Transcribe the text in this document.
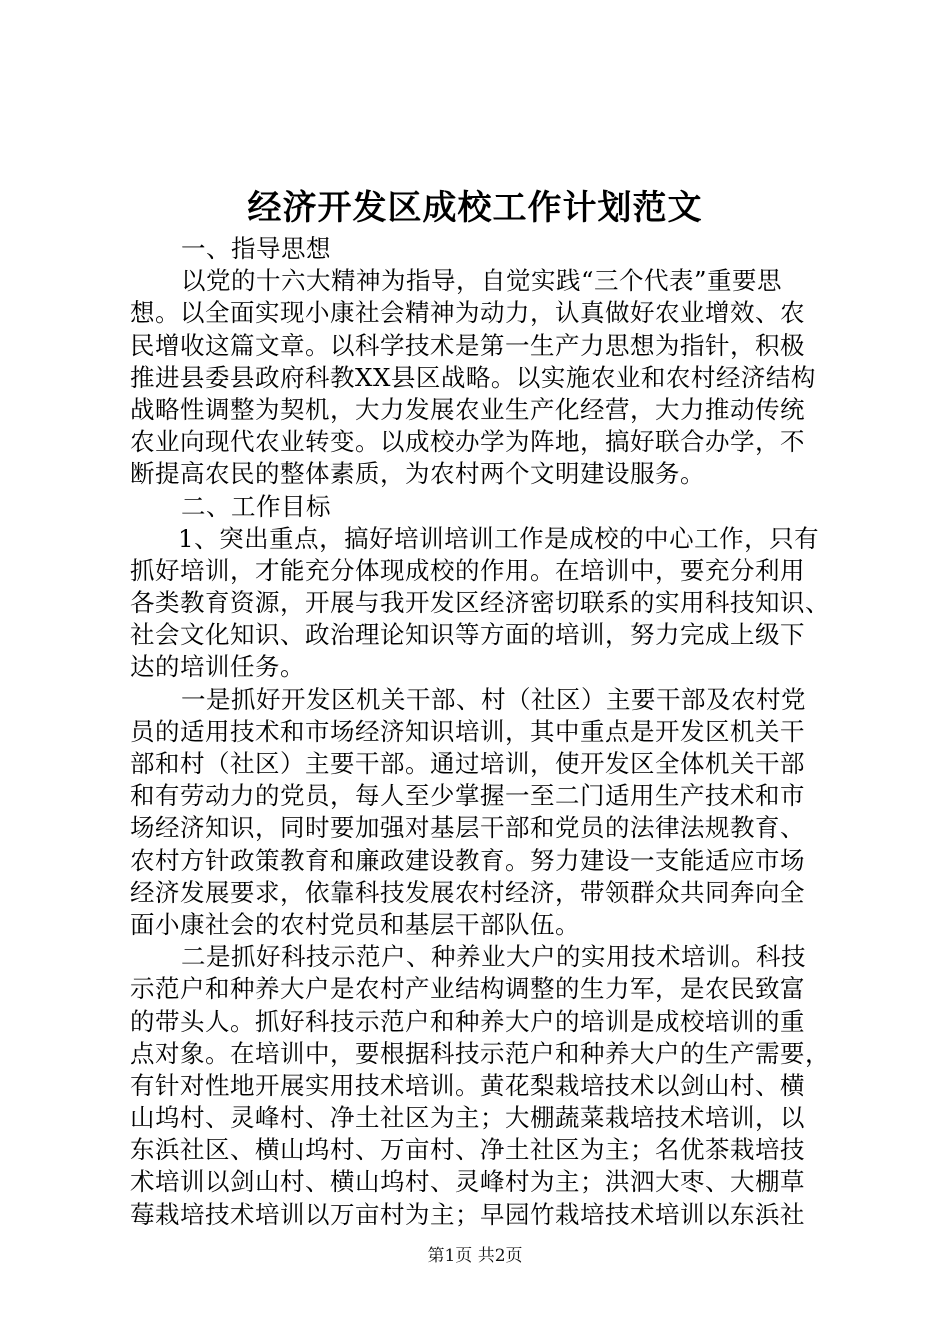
经济开发区成校工作计划范文
一、指导思想
以党的十六大精神为指导，自觉实践“三个代表”重要思
想。以全面实现小康社会精神为动力，认真做好农业增效、农
民增收这篇文章。以科学技术是第一生产力思想为指针，积极
推进县委县政府科教XX县区战略。以实施农业和农村经济结构
战略性调整为契机，大力发展农业生产化经营，大力推动传统
农业向现代农业转变。以成校办学为阵地，搞好联合办学，不
断提高农民的整体素质，为农村两个文明建设服务。
二、工作目标
1、突出重点，搞好培训培训工作是成校的中心工作，只有
抓好培训，才能充分体现成校的作用。在培训中，要充分利用
各类教育资源，开展与我开发区经济密切联系的实用科技知识、
社会文化知识、政治理论知识等方面的培训，努力完成上级下
达的培训任务。
一是抓好开发区机关干部、村（社区）主要干部及农村党
员的适用技术和市场经济知识培训，其中重点是开发区机关干
部和村（社区）主要干部。通过培训，使开发区全体机关干部
和有劳动力的党员，每人至少掌握一至二门适用生产技术和市
场经济知识，同时要加强对基层干部和党员的法律法规教育、
农村方针政策教育和廉政建设教育。努力建设一支能适应市场
经济发展要求，依靠科技发展农村经济，带领群众共同奔向全
面小康社会的农村党员和基层干部队伍。
二是抓好科技示范户、种养业大户的实用技术培训。科技
示范户和种养大户是农村产业结构调整的生力军，是农民致富
的带头人。抓好科技示范户和种养大户的培训是成校培训的重
点对象。在培训中，要根据科技示范户和种养大户的生产需要，
有针对性地开展实用技术培训。黄花梨栽培技术以剑山村、横
山坞村、灵峰村、净土社区为主；大棚蔬菜栽培技术培训，以
东浜社区、横山坞村、万亩村、净土社区为主；名优茶栽培技
术培训以剑山村、横山坞村、灵峰村为主；洪泗大枣、大棚草
莓栽培技术培训以万亩村为主；早园竹栽培技术培训以东浜社
第1页 共2页
